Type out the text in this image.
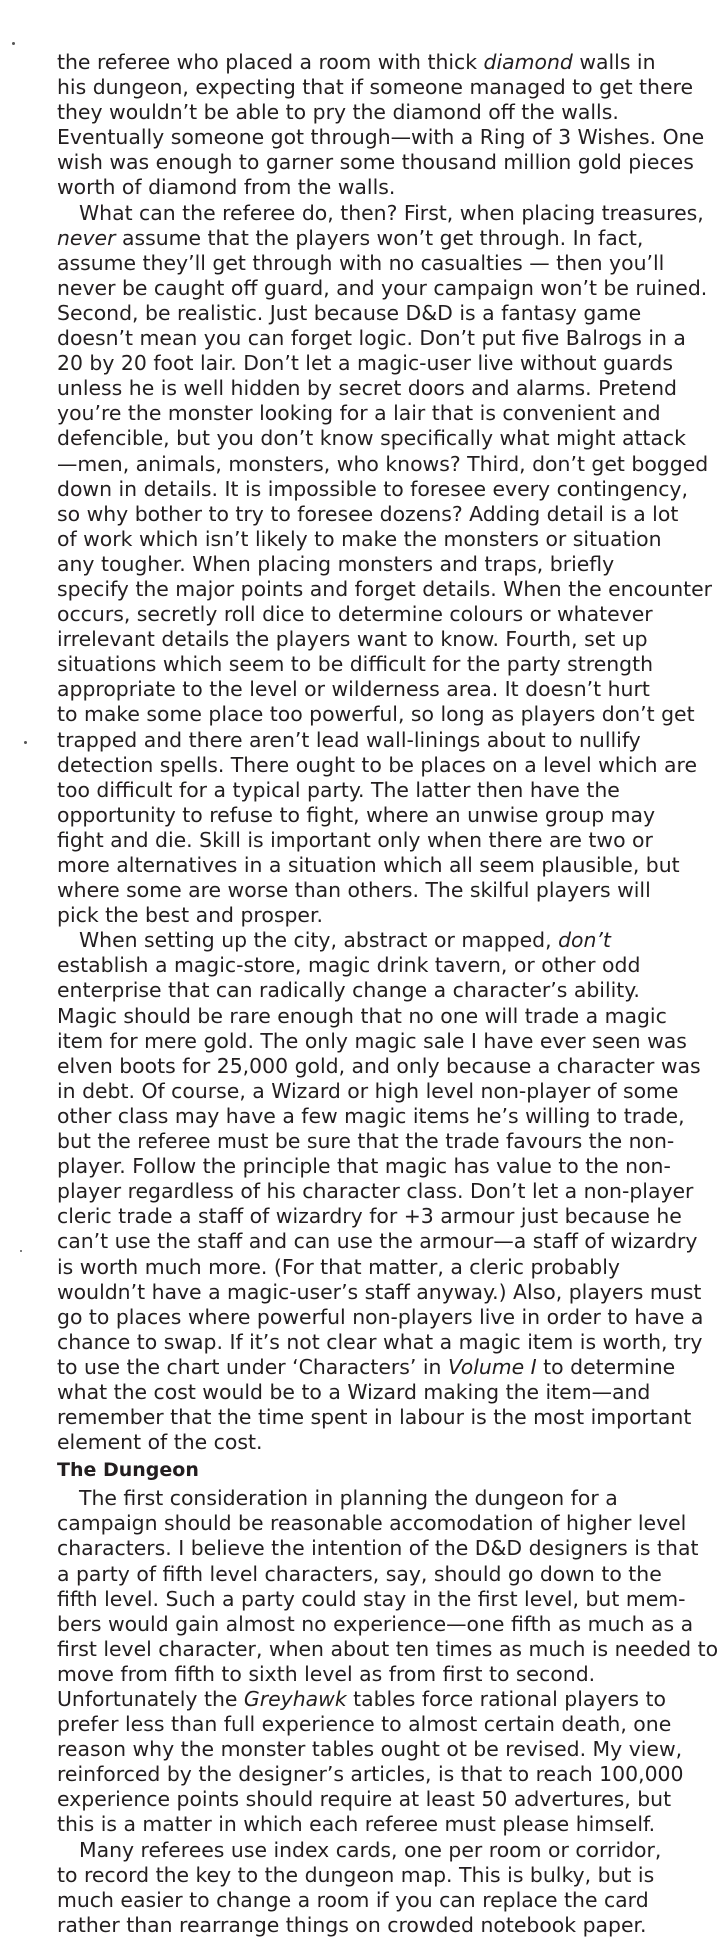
the referee who placed a room with thick diamond walls in
his dungeon, expecting that if someone managed to get there
they wouldn’t be able to pry the diamond off the walls.
Eventually someone got through—with a Ring of 3 Wishes. One
wish was enough to garner some thousand million gold pieces
worth of diamond from the walls.
What can the referee do, then? First, when placing treasures,
never assume that the players won’t get through. In fact,
assume they’ll get through with no casualties — then you’ll
never be caught off guard, and your campaign won’t be ruined.
Second, be realistic. Just because D&D is a fantasy game
doesn’t mean you can forget logic. Don’t put five Balrogs in a
20 by 20 foot lair. Don’t let a magic-user live without guards
unless he is well hidden by secret doors and alarms. Pretend
you’re the monster looking for a lair that is convenient and
defencible, but you don’t know specifically what might attack
—men, animals, monsters, who knows? Third, don’t get bogged
down in details. It is impossible to foresee every contingency,
so why bother to try to foresee dozens? Adding detail is a lot
of work which isn’t likely to make the monsters or situation
any tougher. When placing monsters and traps, briefly
specify the major points and forget details. When the encounter
occurs, secretly roll dice to determine colours or whatever
irrelevant details the players want to know. Fourth, set up
situations which seem to be difficult for the party strength
appropriate to the level or wilderness area. It doesn’t hurt
to make some place too powerful, so long as players don’t get
trapped and there aren’t lead wall-linings about to nullify
detection spells. There ought to be places on a level which are
too difficult for a typical party. The latter then have the
opportunity to refuse to fight, where an unwise group may
fight and die. Skill is important only when there are two or
more alternatives in a situation which all seem plausible, but
where some are worse than others. The skilful players will
pick the best and prosper.
When setting up the city, abstract or mapped, don’t
establish a magic-store, magic drink tavern, or other odd
enterprise that can radically change a character’s ability.
Magic should be rare enough that no one will trade a magic
item for mere gold. The only magic sale I have ever seen was
elven boots for 25,000 gold, and only because a character was
in debt. Of course, a Wizard or high level non-player of some
other class may have a few magic items he’s willing to trade,
but the referee must be sure that the trade favours the non-
player. Follow the principle that magic has value to the non-
player regardless of his character class. Don’t let a non-player
cleric trade a staff of wizardry for +3 armour just because he
can’t use the staff and can use the armour—a staff of wizardry
is worth much more. (For that matter, a cleric probably
wouldn’t have a magic-user’s staff anyway.) Also, players must
go to places where powerful non-players live in order to have a
chance to swap. If it’s not clear what a magic item is worth, try
to use the chart under ‘Characters’ in Volume I to determine
what the cost would be to a Wizard making the item—and
remember that the time spent in labour is the most important
element of the cost.
The Dungeon
The first consideration in planning the dungeon for a
campaign should be reasonable accomodation of higher level
characters. I believe the intention of the D&D designers is that
a party of fifth level characters, say, should go down to the
fifth level. Such a party could stay in the first level, but mem-
bers would gain almost no experience—one fifth as much as a
first level character, when about ten times as much is needed to
move from fifth to sixth level as from first to second.
Unfortunately the Greyhawk tables force rational players to
prefer less than full experience to almost certain death, one
reason why the monster tables ought ot be revised. My view,
reinforced by the designer’s articles, is that to reach 100,000
experience points should require at least 50 advertures, but
this is a matter in which each referee must please himself.
Many referees use index cards, one per room or corridor,
to record the key to the dungeon map. This is bulky, but is
much easier to change a room if you can replace the card
rather than rearrange things on crowded notebook paper.
